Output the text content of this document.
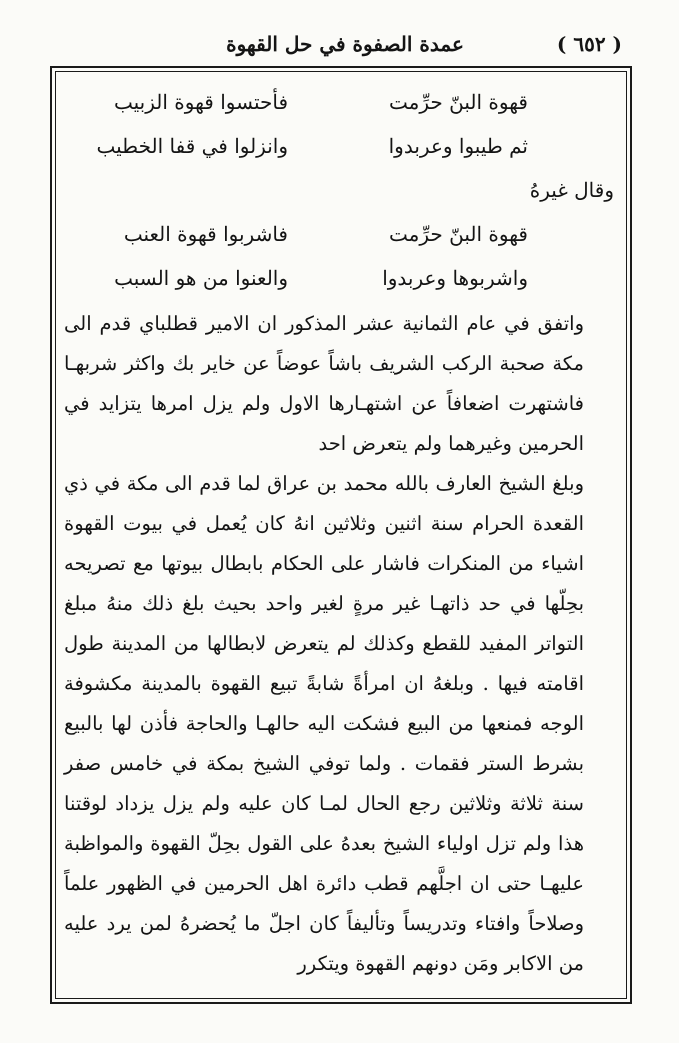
( ٦٥٢ )
عمدة الصفوة في حل القهوة
قهوة البنّ حرِّمت
فأحتسوا قهوة الزبيب
ثم طيبوا وعربدوا
وانزلوا في قفا الخطيب
وقال غيرهُ
قهوة البنّ حرِّمت
فاشربوا قهوة العنب
واشربوها وعربدوا
والعنوا من هو السبب

واتفق في عام الثمانية عشر المذكور ان الامير قطلباي قدم الى مكة صحبة الركب الشريف باشاً عوضاً عن خاير بك واكثر شربهـا فاشتهرت اضعافاً عن اشتهـارها الاول ولم يزل امرها يتزايد في الحرمين وغيرهما ولم يتعرض احد

وبلغ الشيخ العارف بالله محمد بن عراق لما قدم الى مكة في ذي القعدة الحرام سنة اثنين وثلاثين انهُ كان يُعمل في بيوت القهوة اشياء من المنكرات فاشار على الحكام بابطال بيوتها مع تصريحه بحِلّها في حد ذاتهـا غير مرةٍ لغير واحد بحيث بلغ ذلك منهُ مبلغ التواتر المفيد للقطع وكذلك لم يتعرض لابطالها من المدينة طول اقامته فيها . وبلغهُ ان امرأةً شابةً تبيع القهوة بالمدينة مكشوفة الوجه فمنعها من البيع فشكت اليه حالهـا والحاجة فأذن لها بالبيع بشرط الستر فقمات . ولما توفي الشيخ بمكة في خامس صفر سنة ثلاثة وثلاثين رجع الحال لمـا كان عليه ولم يزل يزداد لوقتنا هذا ولم تزل اولياء الشيخ بعدهُ على القول بحِلّ القهوة والمواظبة عليهـا حتى ان اجلَّهم قطب دائرة اهل الحرمين في الظهور علماً وصلاحاً وافتاء وتدريساً وتأليفاً كان اجلّ ما يُحضرهُ لمن يرد عليه من الاكابر ومَن دونهم القهوة ويتكرر
